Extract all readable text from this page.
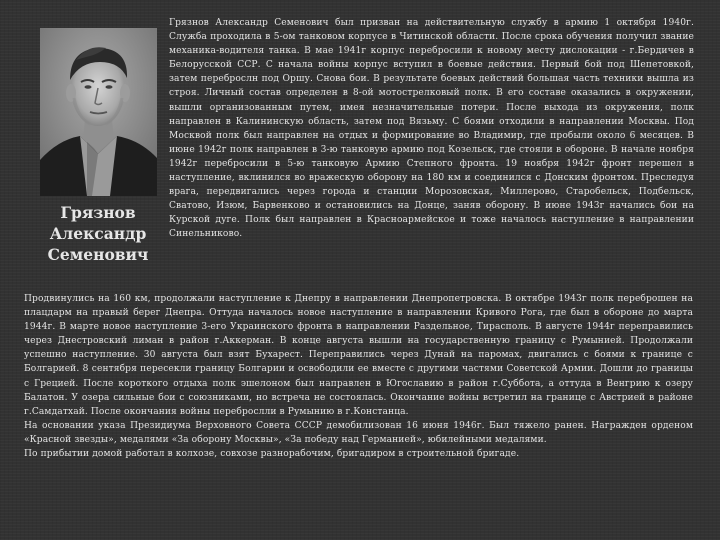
Грязнов
Александр
Семенович

Грязнов Александр Семенович был призван на действительную службу в армию 1 октября 1940г. Служба проходила в 5-ом танковом корпусе в Читинской области. После срока обучения получил звание механика-водителя танка. В мае 1941г корпус перебросили к новому месту дислокации - г.Бердичев в Белорусской ССР. С начала войны корпус вступил в боевые действия. Первый бой под Шепетовкой, затем переброслн под Оршу. Снова бои. В результате боевых действий большая часть техники вышла из строя. Личный состав определен в 8-ой мотострелковый полк. В его составе оказались в окружении, вышли организованным путем, имея незначительные потери. После выхода из окружения, полк направлен в Калининскую область, затем под Вязьму. С боями отходили в направлении Москвы. Под Москвой полк был направлен на отдых и формирование во Владимир, где пробыли около 6 месяцев. В июне 1942г полк направлен в 3-ю танковую армию под Козельск, где стояли в обороне. В начале ноября 1942г перебросили в 5-ю танковую Армию Степного фронта. 19 ноября 1942г фронт перешел в наступление, вклинился во вражескую оборону на 180 км и соединился с Донским фронтом. Преследуя врага, передвигались через города и станции Морозовская, Миллерово, Старобельск, Подбельск, Сватово, Изюм, Барвенково и остановились на Донце, заняв оборону. В июне 1943г начались бои на Курской дуге. Полк был направлен в Красноармейское и тоже началось наступление в направлении Синельниково.

Продвинулись на 160 км, продолжали наступление к Днепру в направлении Днепропетровска. В октябре 1943г полк переброшен на плацдарм на правый берег Днепра. Оттуда началось новое наступление в направлении Кривого Рога, где был в обороне до марта 1944г. В марте новое наступление 3-его Украинского фронта в направлении Раздельное, Тирасполь. В августе 1944г переправились через Днестровский лиман в район г.Аккерман. В конце августа вышли на государственную границу с Румынией. Продолжали успешно наступление. 30 августа был взят Бухарест. Переправились через Дунай на паромах, двигались с боями к границе с Болгарией. 8 сентября пересекли границу Болгарии и освободили ее вместе с другими частями Советской Армии. Дошли до границы с Грецией. После короткого отдыха полк эшелоном был направлен в Югославию в район г.Суббота, а оттуда в Венгрию к озеру Балатон. У озера сильные бои с союзниками, но встреча не состоялась. Окончание войны встретил на границе с Австрией в районе г.Самдатхай. После окончания войны переброслли в Румынию в г.Констанца.

На основании указа Президиума Верховного Совета СССР демобилизован 16 июня 1946г. Был тяжело ранен. Награжден орденом «Красной звезды», медалями «За оборону Москвы», «За победу над Германией», юбилейными медалями.

По прибытии домой работал в колхозе, совхозе разнорабочим, бригадиром в строительной бригаде.
